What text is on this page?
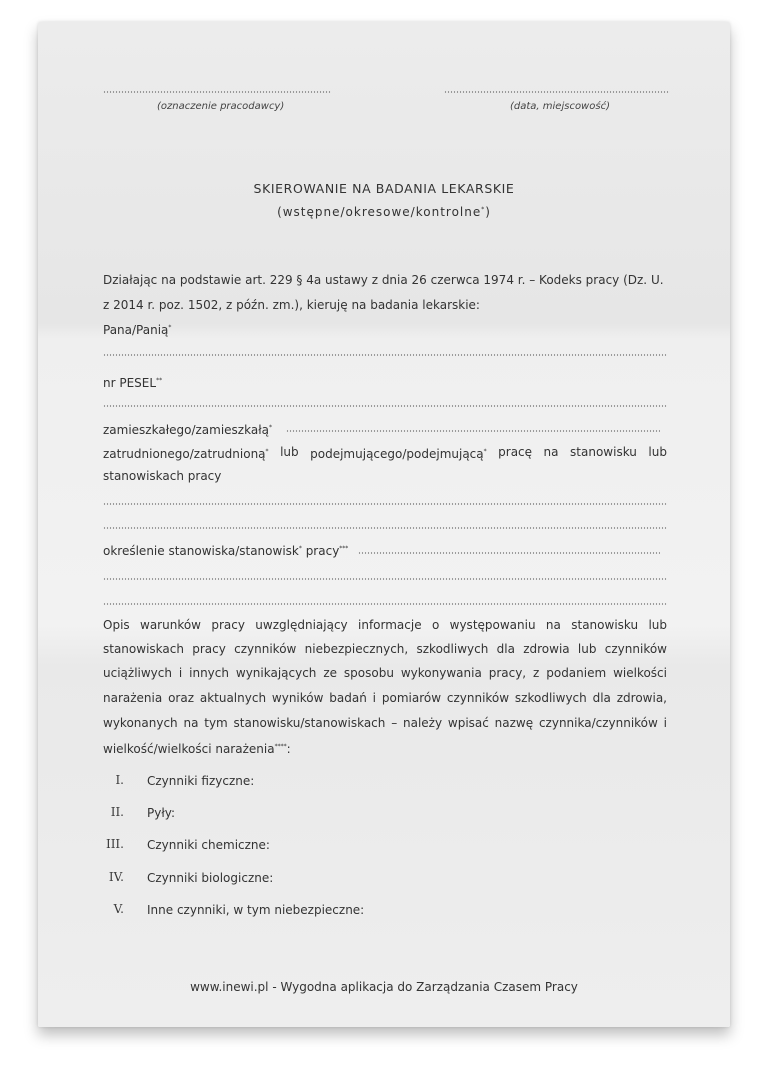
(oznaczenie pracodawcy)	(data, miejscowość)
SKIEROWANIE NA BADANIA LEKARSKIE
(wstępne/okresowe/kontrolne*)
Działając na podstawie art. 229 § 4a ustawy z dnia 26 czerwca 1974 r. – Kodeks pracy (Dz. U.
z 2014 r. poz. 1502, z późn. zm.), kieruję na badania lekarskie:
Pana/Panią*
nr PESEL**
zamieszkałego/zamieszkałą*
zatrudnionego/zatrudnioną* lub podejmującego/podejmującą* pracę na stanowisku lub
stanowiskach pracy
określenie stanowiska/stanowisk* pracy***
Opis warunków pracy uwzględniający informacje o występowaniu na stanowisku lub
stanowiskach pracy czynników niebezpiecznych, szkodliwych dla zdrowia lub czynników
uciążliwych i innych wynikających ze sposobu wykonywania pracy, z podaniem wielkości
narażenia oraz aktualnych wyników badań i pomiarów czynników szkodliwych dla zdrowia,
wykonanych na tym stanowisku/stanowiskach – należy wpisać nazwę czynnika/czynników i
wielkość/wielkości narażenia****:
I. Czynniki fizyczne:
II. Pyły:
III. Czynniki chemiczne:
IV. Czynniki biologiczne:
V. Inne czynniki, w tym niebezpieczne:
www.inewi.pl - Wygodna aplikacja do Zarządzania Czasem Pracy
